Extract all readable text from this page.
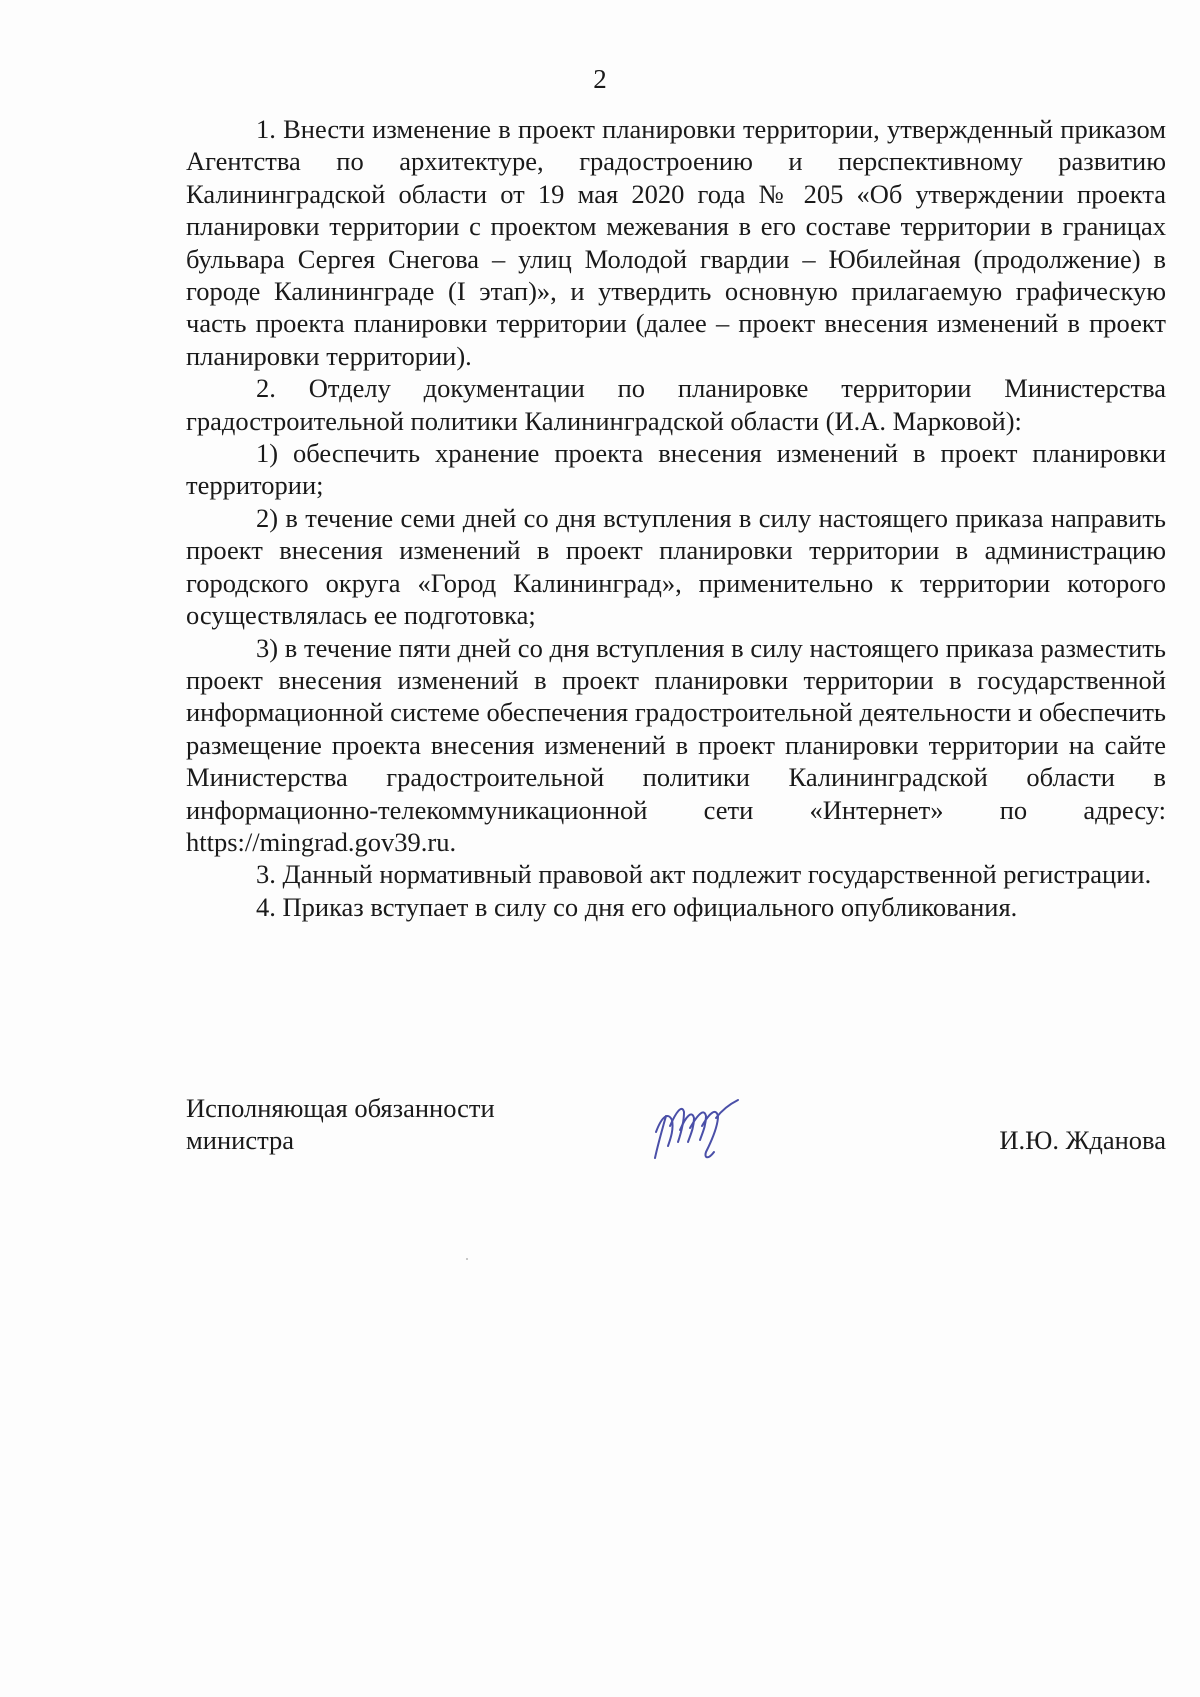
2

1. Внести изменение в проект планировки территории, утвержденный приказом Агентства по архитектуре, градостроению и перспективному развитию Калининградской области от 19 мая 2020 года № 205 «Об утверждении проекта планировки территории с проектом межевания в его составе территории в границах бульвара Сергея Снегова – улиц Молодой гвардии – Юбилейная (продолжение) в городе Калининграде (I этап)», и утвердить основную прилагаемую графическую часть проекта планировки территории (далее – проект внесения изменений в проект планировки территории).

2. Отделу документации по планировке территории Министерства градостроительной политики Калининградской области (И.А. Марковой):

1) обеспечить хранение проекта внесения изменений в проект планировки территории;

2) в течение семи дней со дня вступления в силу настоящего приказа направить проект внесения изменений в проект планировки территории в администрацию городского округа «Город Калининград», применительно к территории которого осуществлялась ее подготовка;

3) в течение пяти дней со дня вступления в силу настоящего приказа разместить проект внесения изменений в проект планировки территории в государственной информационной системе обеспечения градостроительной деятельности и обеспечить размещение проекта внесения изменений в проект планировки территории на сайте Министерства градостроительной политики Калининградской области в информационно-телекоммуникационной сети «Интернет» по адресу: https://mingrad.gov39.ru.

3. Данный нормативный правовой акт подлежит государственной регистрации.

4. Приказ вступает в силу со дня его официального опубликования.

Исполняющая обязанности
министра	И.Ю. Жданова
